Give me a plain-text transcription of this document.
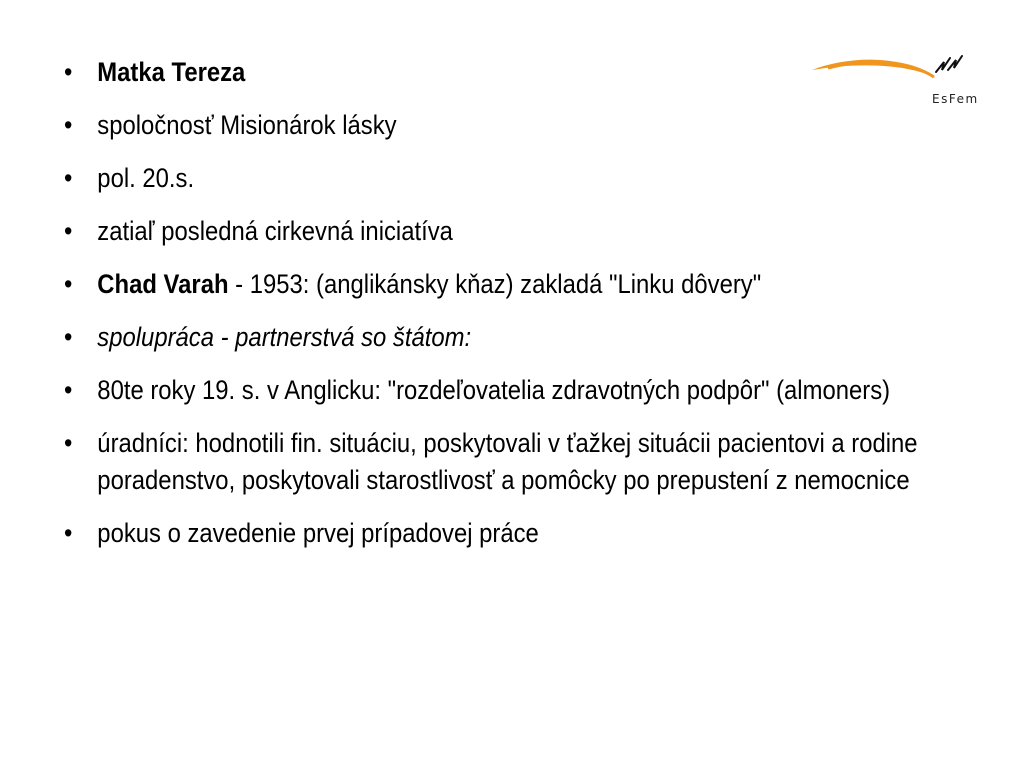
EsFem
• Matka Tereza
• spoločnosť Misionárok lásky
• pol. 20.s.
• zatiaľ posledná cirkevná iniciatíva
• Chad Varah - 1953: (anglikánsky kňaz) zakladá "Linku dôvery"
• spolupráca - partnerstvá so štátom:
• 80te roky 19. s. v Anglicku: "rozdeľovatelia zdravotných podpôr" (almoners)
• úradníci: hodnotili fin. situáciu, poskytovali v ťažkej situácii pacientovi a rodine poradenstvo, poskytovali starostlivosť a pomôcky po prepustení z nemocnice
• pokus o zavedenie prvej prípadovej práce
